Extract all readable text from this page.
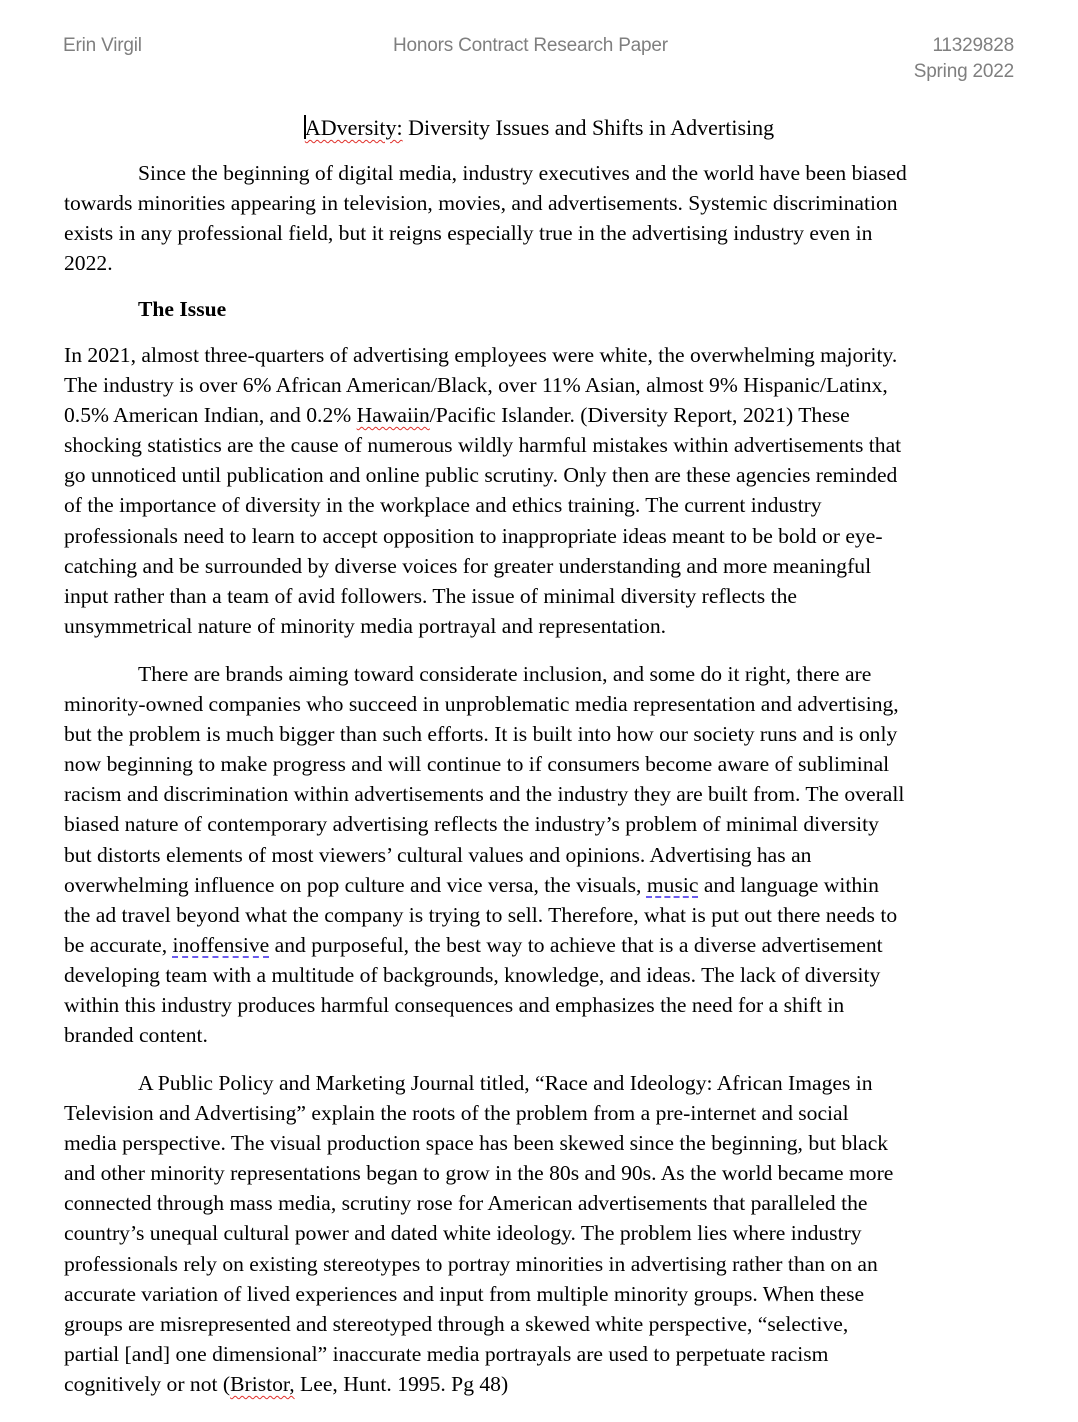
Erin Virgil	Honors Contract Research Paper	11329828
Spring 2022
ADversity: Diversity Issues and Shifts in Advertising
Since the beginning of digital media, industry executives and the world have been biased
towards minorities appearing in television, movies, and advertisements. Systemic discrimination
exists in any professional field, but it reigns especially true in the advertising industry even in
2022.
The Issue
In 2021, almost three-quarters of advertising employees were white, the overwhelming majority.
The industry is over 6% African American/Black, over 11% Asian, almost 9% Hispanic/Latinx,
0.5% American Indian, and 0.2% Hawaiin/Pacific Islander. (Diversity Report, 2021) These
shocking statistics are the cause of numerous wildly harmful mistakes within advertisements that
go unnoticed until publication and online public scrutiny. Only then are these agencies reminded
of the importance of diversity in the workplace and ethics training. The current industry
professionals need to learn to accept opposition to inappropriate ideas meant to be bold or eye-
catching and be surrounded by diverse voices for greater understanding and more meaningful
input rather than a team of avid followers. The issue of minimal diversity reflects the
unsymmetrical nature of minority media portrayal and representation.
There are brands aiming toward considerate inclusion, and some do it right, there are
minority-owned companies who succeed in unproblematic media representation and advertising,
but the problem is much bigger than such efforts. It is built into how our society runs and is only
now beginning to make progress and will continue to if consumers become aware of subliminal
racism and discrimination within advertisements and the industry they are built from. The overall
biased nature of contemporary advertising reflects the industry’s problem of minimal diversity
but distorts elements of most viewers’ cultural values and opinions. Advertising has an
overwhelming influence on pop culture and vice versa, the visuals, music and language within
the ad travel beyond what the company is trying to sell. Therefore, what is put out there needs to
be accurate, inoffensive and purposeful, the best way to achieve that is a diverse advertisement
developing team with a multitude of backgrounds, knowledge, and ideas. The lack of diversity
within this industry produces harmful consequences and emphasizes the need for a shift in
branded content.
A Public Policy and Marketing Journal titled, “Race and Ideology: African Images in
Television and Advertising” explain the roots of the problem from a pre-internet and social
media perspective. The visual production space has been skewed since the beginning, but black
and other minority representations began to grow in the 80s and 90s. As the world became more
connected through mass media, scrutiny rose for American advertisements that paralleled the
country’s unequal cultural power and dated white ideology. The problem lies where industry
professionals rely on existing stereotypes to portray minorities in advertising rather than on an
accurate variation of lived experiences and input from multiple minority groups. When these
groups are misrepresented and stereotyped through a skewed white perspective, “selective,
partial [and] one dimensional” inaccurate media portrayals are used to perpetuate racism
cognitively or not (Bristor, Lee, Hunt. 1995. Pg 48)
